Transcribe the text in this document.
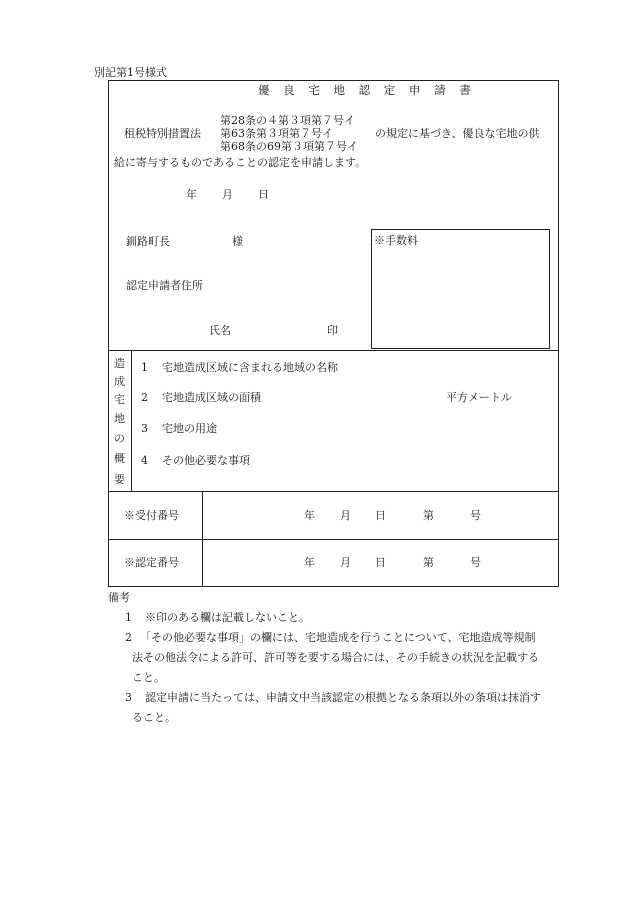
別記第1号様式
優 良 宅 地 認 定 申 請 書
第28条の４第３項第７号イ
租税特別措置法 第63条第３項第７号イ	の規定に基づき、優良な宅地の供
第68条の69第３項第７号イ
給に寄与するものであることの認定を申請します。
年 月 日
釧路町長	様	※手数料
認定申請者住所
氏名	印
造
成
宅
地
の
概
要
1 宅地造成区域に含まれる地域の名称
2 宅地造成区域の面積	平方メートル
3 宅地の用途
4 その他必要な事項
※受付番号	年 月 日	第	号
※認定番号	年 月 日	第	号
備考
1 ※印のある欄は記載しないこと。
2 「その他必要な事項」の欄には、宅地造成を行うことについて、宅地造成等規制
法その他法令による許可、許可等を要する場合には、その手続きの状況を記載する
こと。
3 認定申請に当たっては、申請文中当該認定の根拠となる条項以外の条項は抹消す
ること。
